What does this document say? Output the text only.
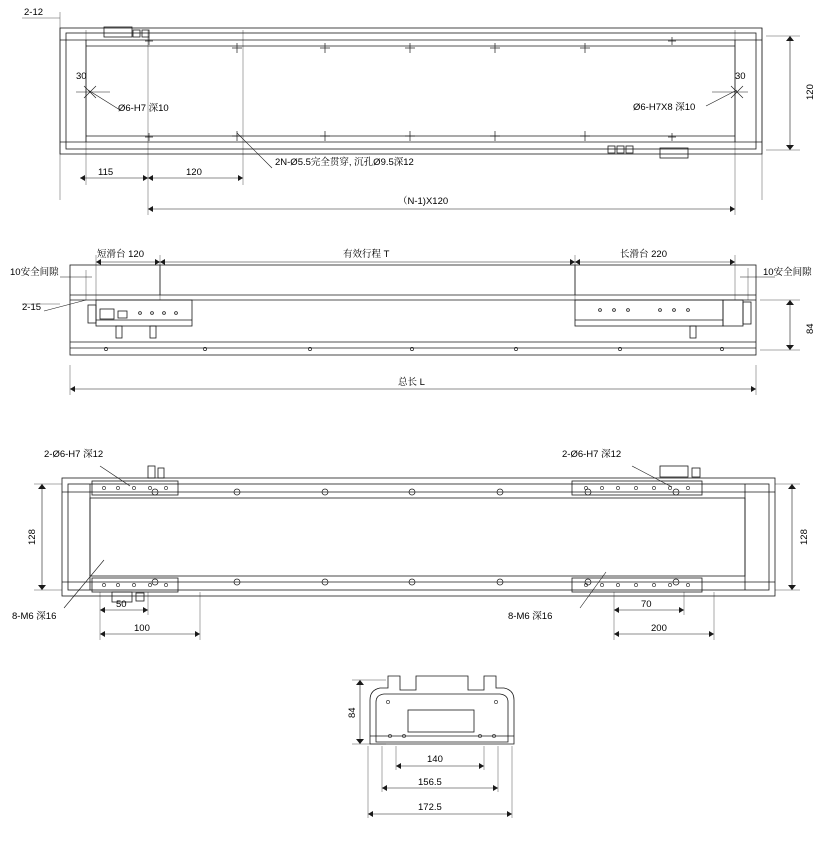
2-12
30	30
Ø6-H7 深10	Ø6-H7X8 深10
120
115	120
2N-Ø5.5完全贯穿, 沉孔Ø9.5深12
（N-1)X120
10安全间隙	10安全间隙
短滑台 120	有效行程 T	长滑台 220
2-15
84
总长 L
2-Ø6-H7 深12	2-Ø6-H7 深12
128	128
8-M6 深16	8-M6 深16
50
100
70
200
84
140
156.5
172.5
